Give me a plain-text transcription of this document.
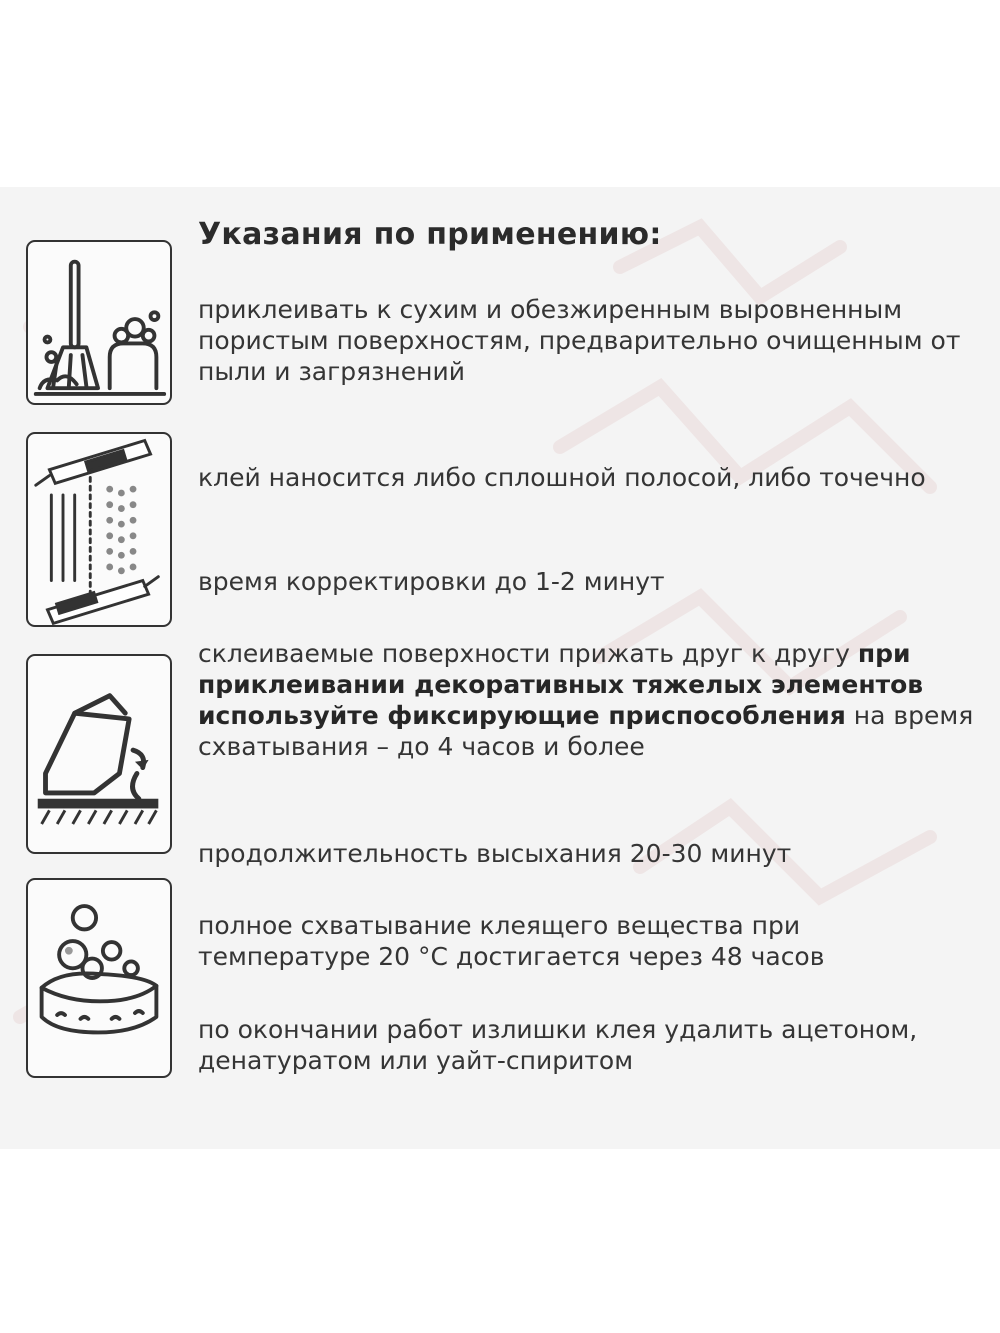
Указания по применению:

приклеивать к сухим и обезжиренным выровненным пористым поверхностям, предварительно очищенным от пыли и загрязнений

клей наносится либо сплошной полосой, либо точечно

время корректировки до 1-2 минут

склеиваемые поверхности прижать друг к другу при приклеивании декоративных тяжелых элементов используйте фиксирующие приспособления на время схватывания – до 4 часов и более

продолжительность высыхания 20-30 минут

полное схватывание клеящего вещества при температуре 20 °С достигается через 48 часов

по окончании работ излишки клея удалить ацетоном, денатуратом или уайт-спиритом
